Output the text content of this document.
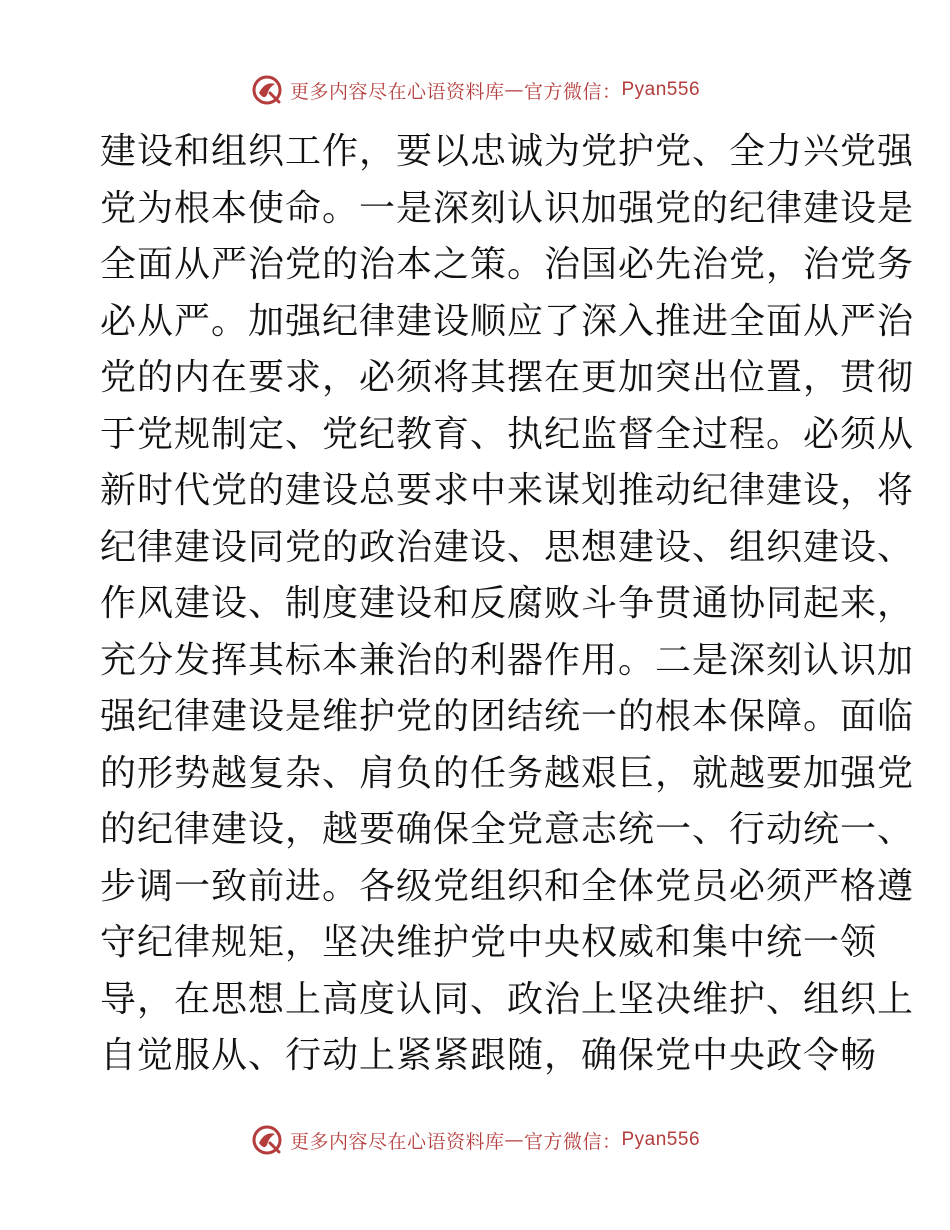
更多内容尽在心语资料库 — 官方微信： Pyan556
建设和组织工作，要以忠诚为党护党、全力兴党强
党为根本使命。一是深刻认识加强党的纪律建设是
全面从严治党的治本之策。治国必先治党，治党务
必从严。加强纪律建设顺应了深入推进全面从严治
党的内在要求，必须将其摆在更加突出位置，贯彻
于党规制定、党纪教育、执纪监督全过程。必须从
新时代党的建设总要求中来谋划推动纪律建设，将
纪律建设同党的政治建设、思想建设、组织建设、
作风建设、制度建设和反腐败斗争贯通协同起来，
充分发挥其标本兼治的利器作用。二是深刻认识加
强纪律建设是维护党的团结统一的根本保障。面临
的形势越复杂、肩负的任务越艰巨，就越要加强党
的纪律建设，越要确保全党意志统一、行动统一、
步调一致前进。各级党组织和全体党员必须严格遵
守纪律规矩，坚决维护党中央权威和集中统一领
导，在思想上高度认同、政治上坚决维护、组织上
自觉服从、行动上紧紧跟随，确保党中央政令畅
更多内容尽在心语资料库 — 官方微信： Pyan556
